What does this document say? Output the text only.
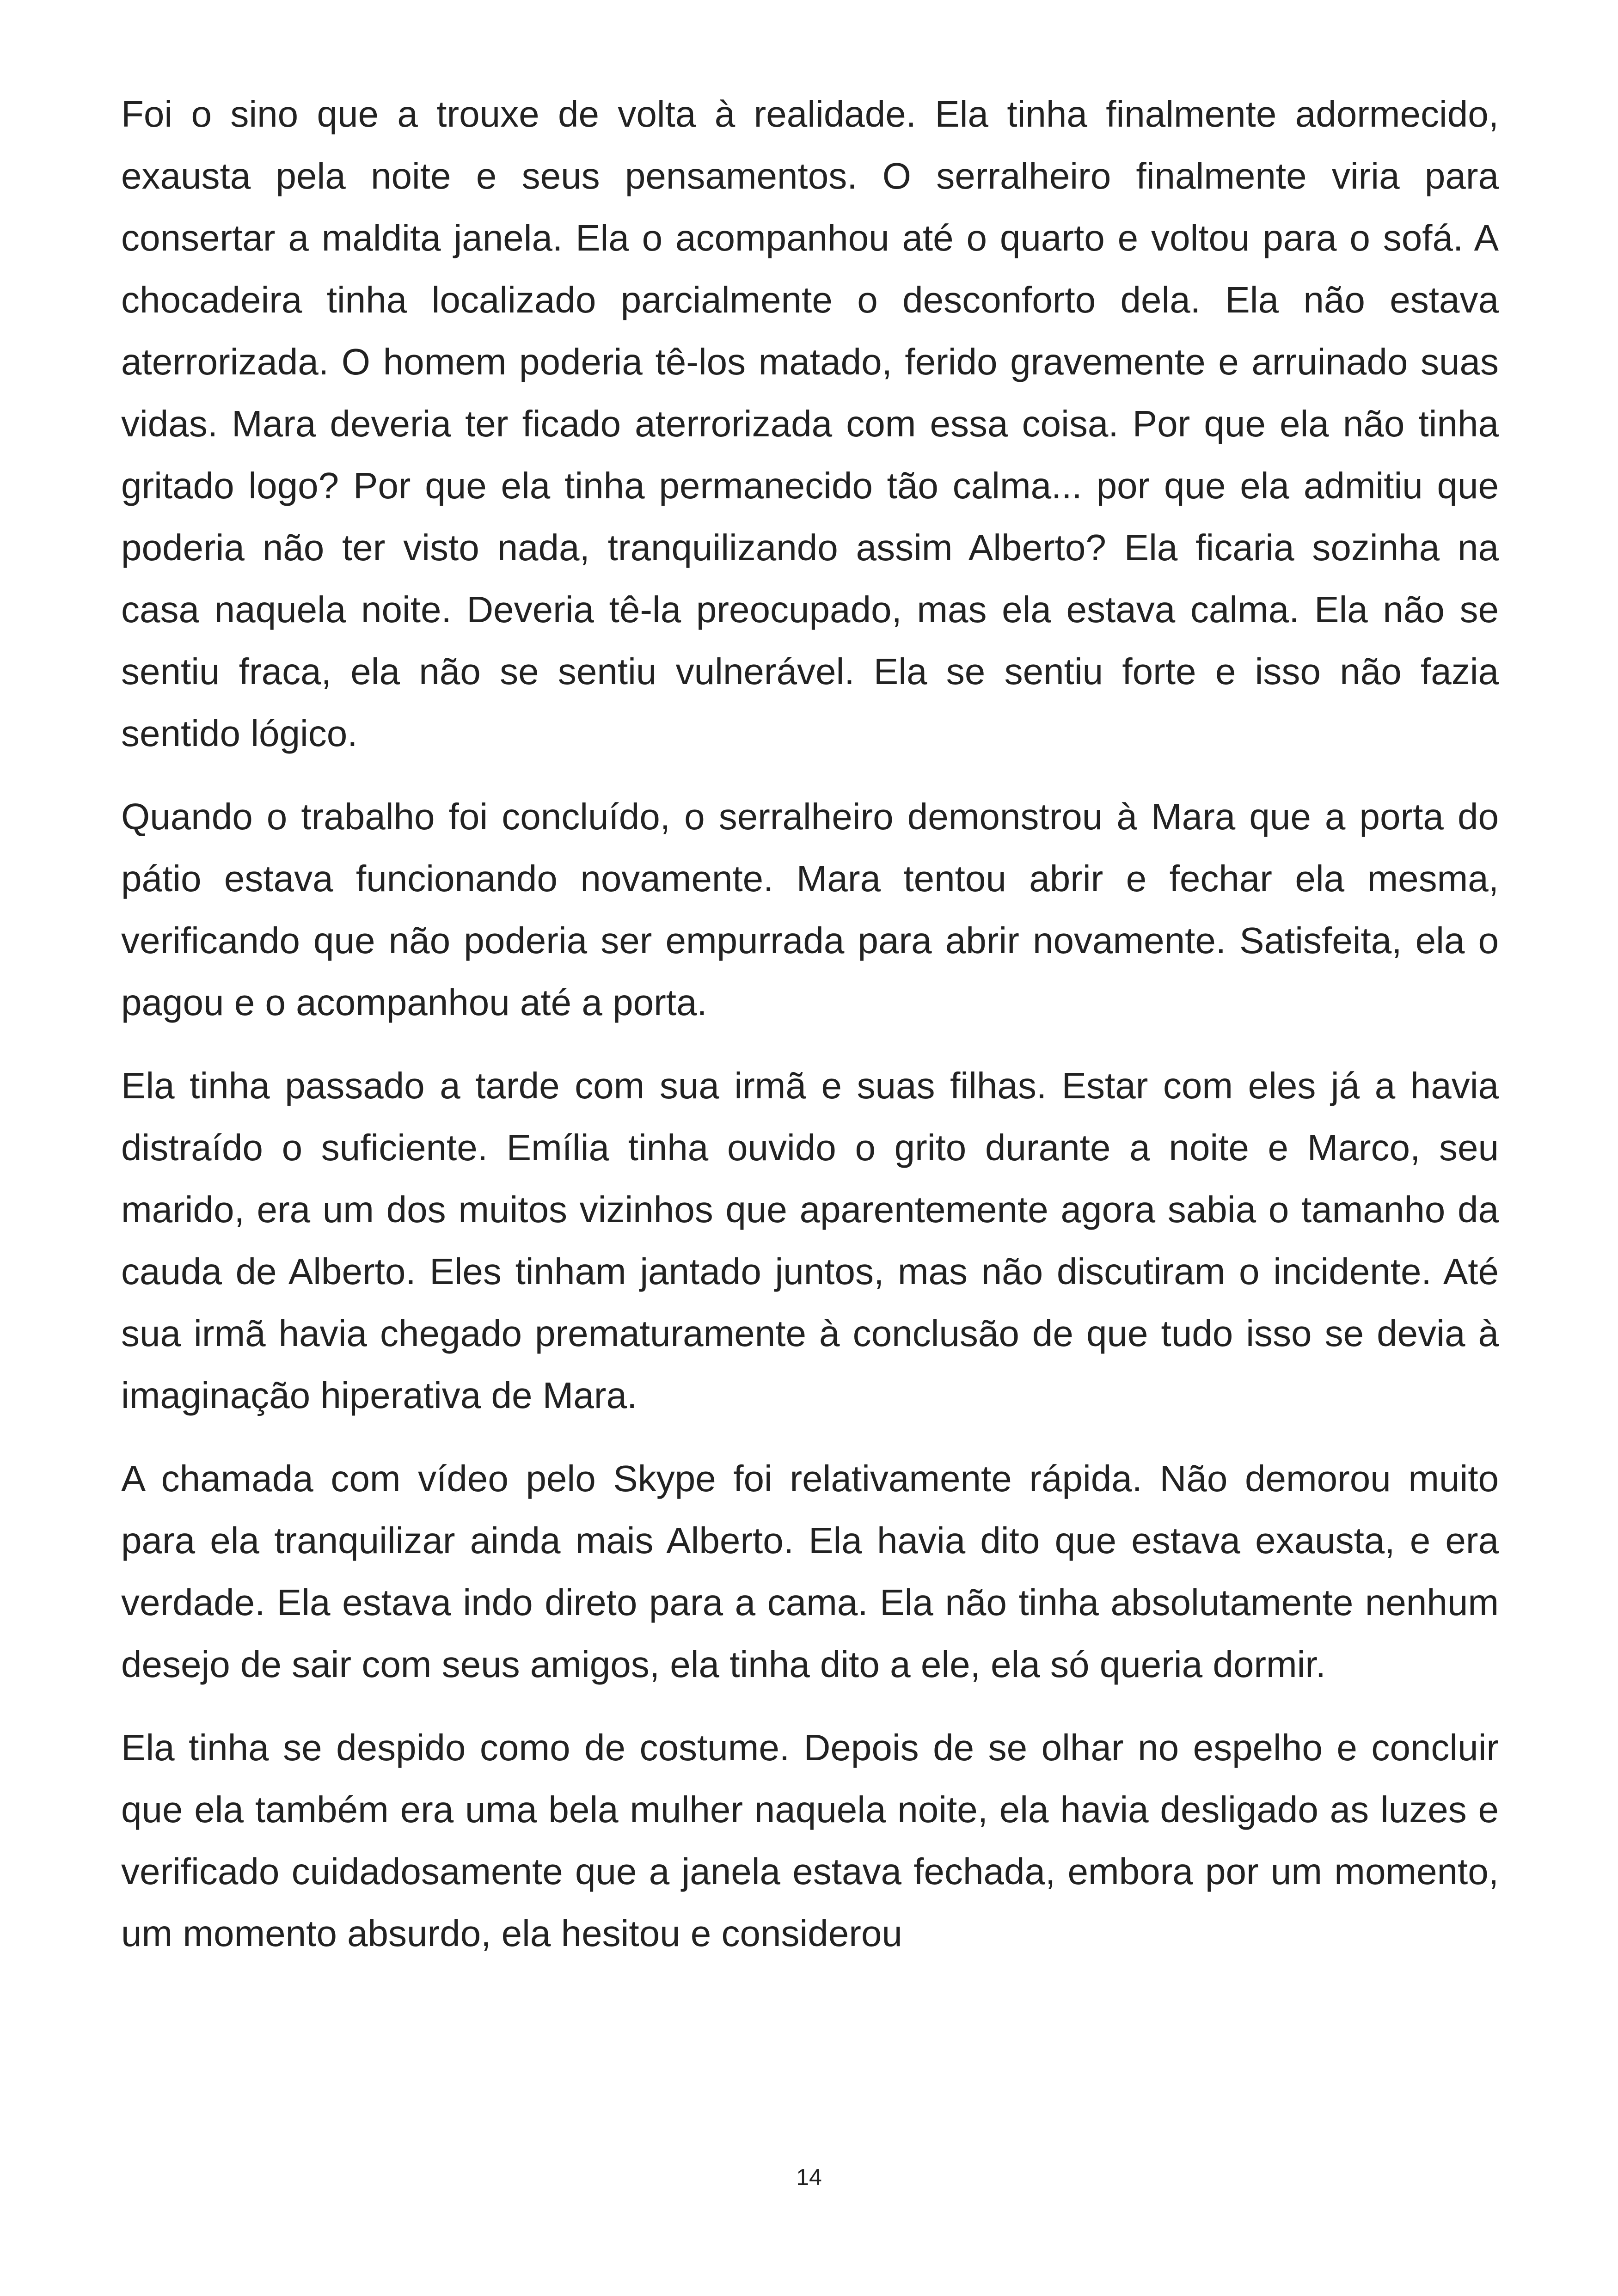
Foi o sino que a trouxe de volta à realidade. Ela tinha finalmente adormecido, exausta pela noite e seus pensamentos. O serralheiro finalmente viria para consertar a maldita janela. Ela o acompanhou até o quarto e voltou para o sofá. A chocadeira tinha localizado parcialmente o desconforto dela. Ela não estava aterrorizada. O homem poderia tê-los matado, ferido gravemente e arruinado suas vidas. Mara deveria ter ficado aterrorizada com essa coisa. Por que ela não tinha gritado logo? Por que ela tinha permanecido tão calma... por que ela admitiu que poderia não ter visto nada, tranquilizando assim Alberto? Ela ficaria sozinha na casa naquela noite. Deveria tê-la preocupado, mas ela estava calma. Ela não se sentiu fraca, ela não se sentiu vulnerável. Ela se sentiu forte e isso não fazia sentido lógico.

Quando o trabalho foi concluído, o serralheiro demonstrou à Mara que a porta do pátio estava funcionando novamente. Mara tentou abrir e fechar ela mesma, verificando que não poderia ser empurrada para abrir novamente. Satisfeita, ela o pagou e o acompanhou até a porta.

Ela tinha passado a tarde com sua irmã e suas filhas. Estar com eles já a havia distraído o suficiente. Emília tinha ouvido o grito durante a noite e Marco, seu marido, era um dos muitos vizinhos que aparentemente agora sabia o tamanho da cauda de Alberto. Eles tinham jantado juntos, mas não discutiram o incidente. Até sua irmã havia chegado prematuramente à conclusão de que tudo isso se devia à imaginação hiperativa de Mara.

A chamada com vídeo pelo Skype foi relativamente rápida. Não demorou muito para ela tranquilizar ainda mais Alberto. Ela havia dito que estava exausta, e era verdade. Ela estava indo direto para a cama. Ela não tinha absolutamente nenhum desejo de sair com seus amigos, ela tinha dito a ele, ela só queria dormir.

Ela tinha se despido como de costume. Depois de se olhar no espelho e concluir que ela também era uma bela mulher naquela noite, ela havia desligado as luzes e verificado cuidadosamente que a janela estava fechada, embora por um momento, um momento absurdo, ela hesitou e considerou

14
